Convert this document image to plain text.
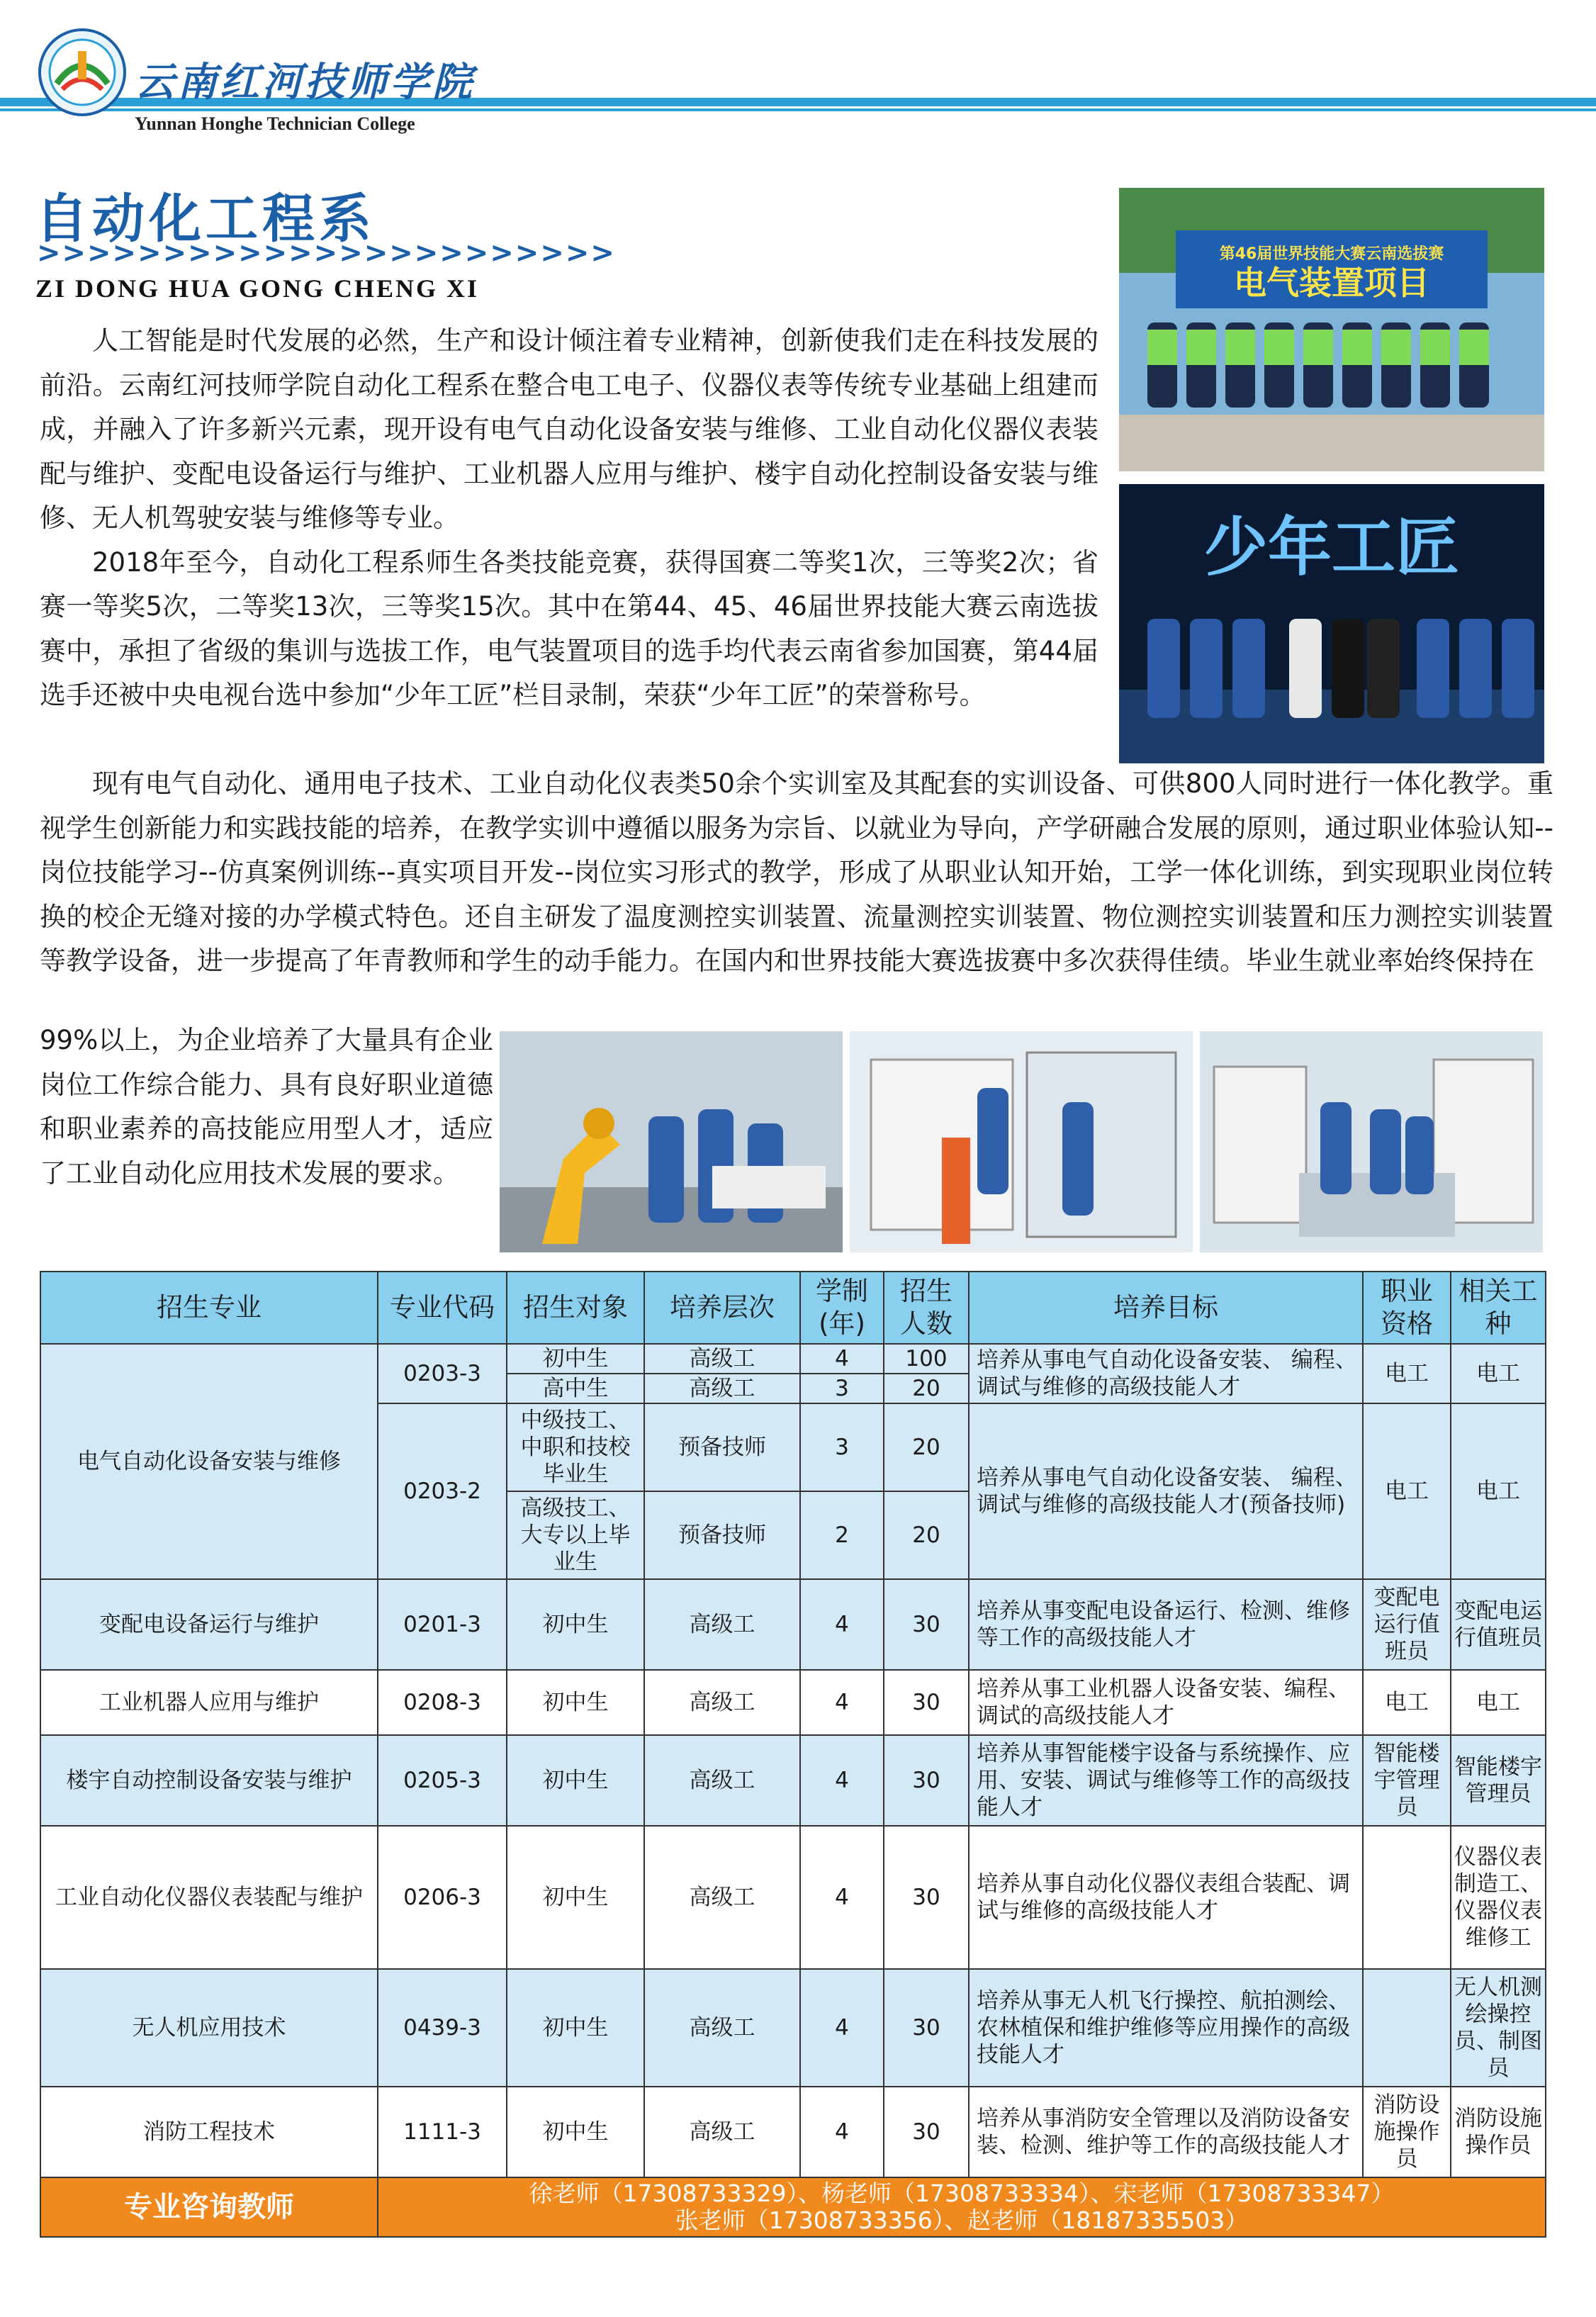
云南红河技师学院
Yunnan Honghe Technician College
自动化工程系
>>>>>>>>>>>>>>>>>>>>>>>
ZI DONG HUA GONG CHENG XI

人工智能是时代发展的必然，生产和设计倾注着专业精神，创新使我们走在科技发展的前沿。云南红河技师学院自动化工程系在整合电工电子、仪器仪表等传统专业基础上组建而成，并融入了许多新兴元素，现开设有电气自动化设备安装与维修、工业自动化仪器仪表装配与维护、变配电设备运行与维护、工业机器人应用与维护、楼宇自动化控制设备安装与维修、无人机驾驶安装与维修等专业。

2018年至今，自动化工程系师生各类技能竞赛，获得国赛二等奖1次，三等奖2次；省赛一等奖5次，二等奖13次，三等奖15次。其中在第44、45、46届世界技能大赛云南选拔赛中，承担了省级的集训与选拔工作，电气装置项目的选手均代表云南省参加国赛，第44届选手还被中央电视台选中参加“少年工匠”栏目录制，荣获“少年工匠”的荣誉称号。

第46届世界技能大赛云南选拔赛
电气装置项目
少年工匠

现有电气自动化、通用电子技术、工业自动化仪表类50余个实训室及其配套的实训设备、可供800人同时进行一体化教学。重视学生创新能力和实践技能的培养，在教学实训中遵循以服务为宗旨、以就业为导向，产学研融合发展的原则，通过职业体验认知--岗位技能学习--仿真案例训练--真实项目开发--岗位实习形式的教学，形成了从职业认知开始，工学一体化训练，到实现职业岗位转换的校企无缝对接的办学模式特色。还自主研发了温度测控实训装置、流量测控实训装置、物位测控实训装置和压力测控实训装置等教学设备，进一步提高了年青教师和学生的动手能力。在国内和世界技能大赛选拔赛中多次获得佳绩。毕业生就业率始终保持在

99%以上，为企业培养了大量具有企业岗位工作综合能力、具有良好职业道德和职业素养的高技能应用型人才，适应了工业自动化应用技术发展的要求。

招生专业	专业代码	招生对象	培养层次	学制(年)	招生人数	培养目标	职业资格	相关工种
电气自动化设备安装与维修	0203-3	初中生	高级工	4	100	培养从事电气自动化设备安装、 编程、调试与维修的高级技能人才	电工	电工
		高中生	高级工	3	20			
	0203-2	中级技工、中职和技校毕业生	预备技师	3	20	培养从事电气自动化设备安装、 编程、调试与维修的高级技能人才(预备技师)	电工	电工
		高级技工、大专以上毕业生	预备技师	2	20			
变配电设备运行与维护	0201-3	初中生	高级工	4	30	培养从事变配电设备运行、检测、维修等工作的高级技能人才	变配电运行值班员	变配电运行值班员
工业机器人应用与维护	0208-3	初中生	高级工	4	30	培养从事工业机器人设备安装、编程、调试的高级技能人才	电工	电工
楼宇自动控制设备安装与维护	0205-3	初中生	高级工	4	30	培养从事智能楼宇设备与系统操作、应用、安装、调试与维修等工作的高级技能人才	智能楼宇管理员	智能楼宇管理员
工业自动化仪器仪表装配与维护	0206-3	初中生	高级工	4	30	培养从事自动化仪器仪表组合装配、调试与维修的高级技能人才		仪器仪表制造工、仪器仪表维修工
无人机应用技术	0439-3	初中生	高级工	4	30	培养从事无人机飞行操控、航拍测绘、农林植保和维护维修等应用操作的高级技能人才		无人机测绘操控员、制图员
消防工程技术	1111-3	初中生	高级工	4	30	培养从事消防安全管理以及消防设备安装、检测、维护等工作的高级技能人才	消防设施操作员	消防设施操作员
专业咨询教师	徐老师（17308733329）、杨老师（17308733334）、宋老师（17308733347）
张老师（17308733356）、赵老师（18187335503）							
